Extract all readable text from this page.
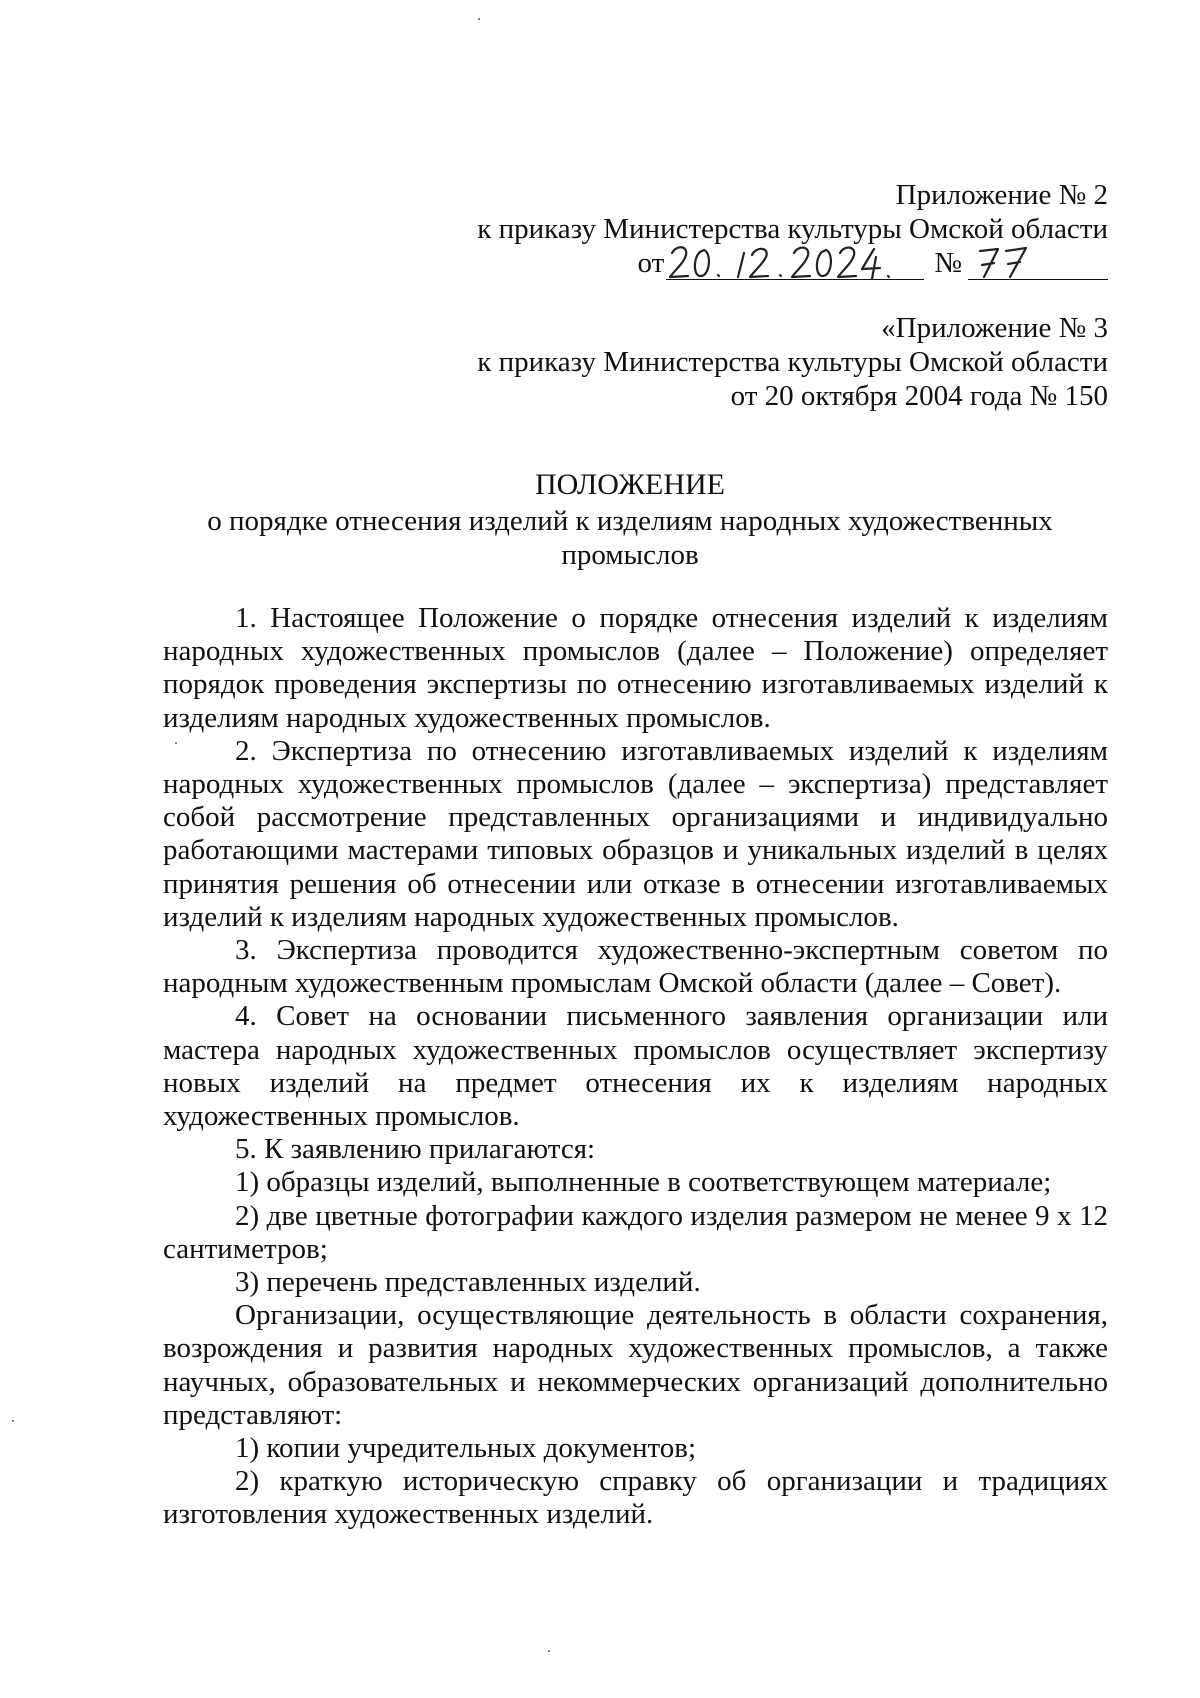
Приложение № 2
к приказу Министерства культуры Омской области
от	№
«Приложение № 3
к приказу Министерства культуры Омской области
от 20 октября 2004 года № 150
ПОЛОЖЕНИЕ
о порядке отнесения изделий к изделиям народных художественных
промыслов

1. Настоящее Положение о порядке отнесения изделий к изделиям народных художественных промыслов (далее – Положение) определяет порядок проведения экспертизы по отнесению изготавливаемых изделий к изделиям народных художественных промыслов.

2. Экспертиза по отнесению изготавливаемых изделий к изделиям народных художественных промыслов (далее – экспертиза) представляет собой рассмотрение представленных организациями и индивидуально работающими мастерами типовых образцов и уникальных изделий в целях принятия решения об отнесении или отказе в отнесении изготавливаемых изделий к изделиям народных художественных промыслов.

3. Экспертиза проводится художественно-экспертным советом по народным художественным промыслам Омской области (далее – Совет).

4. Совет на основании письменного заявления организации или мастера народных художественных промыслов осуществляет экспертизу новых изделий на предмет отнесения их к изделиям народных художественных промыслов.

5. К заявлению прилагаются:

1) образцы изделий, выполненные в соответствующем материале;

2) две цветные фотографии каждого изделия размером не менее 9 х 12 сантиметров;

3) перечень представленных изделий.

Организации, осуществляющие деятельность в области сохранения, возрождения и развития народных художественных промыслов, а также научных, образовательных и некоммерческих организаций дополнительно представляют:

1) копии учредительных документов;

2) краткую историческую справку об организации и традициях изготовления художественных изделий.
